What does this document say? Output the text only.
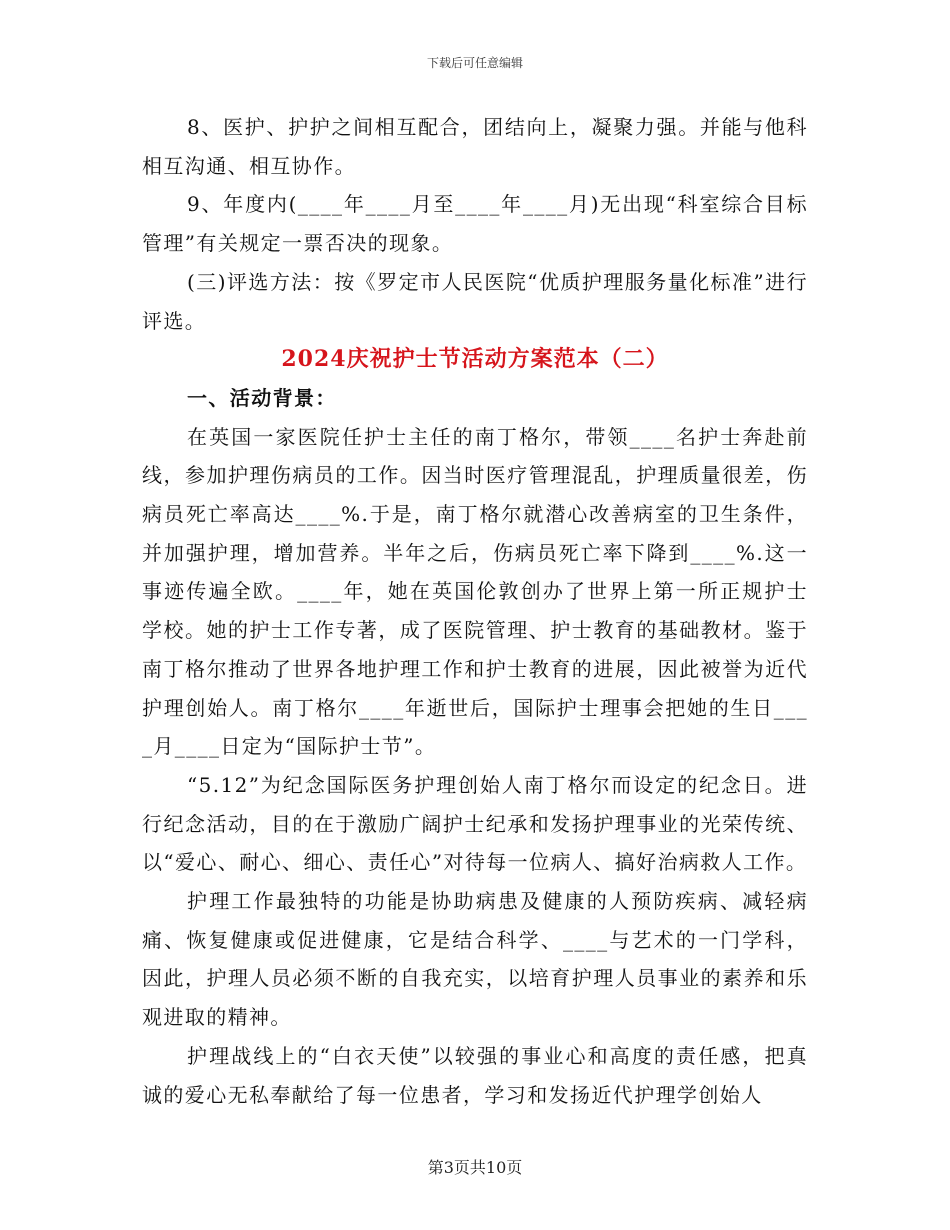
下载后可任意编辑

8、医护、护护之间相互配合，团结向上，凝聚力强。并能与他科相互沟通、相互协作。

9、年度内(____年____月至____年____月)无出现“科室综合目标管理”有关规定一票否决的现象。

(三)评选方法：按《罗定市人民医院“优质护理服务量化标准”进行评选。

2024庆祝护士节活动方案范本（二）

一、活动背景：

在英国一家医院任护士主任的南丁格尔，带领____名护士奔赴前线，参加护理伤病员的工作。因当时医疗管理混乱，护理质量很差，伤病员死亡率高达____%.于是，南丁格尔就潜心改善病室的卫生条件，并加强护理，增加营养。半年之后，伤病员死亡率下降到____%.这一事迹传遍全欧。____年，她在英国伦敦创办了世界上第一所正规护士学校。她的护士工作专著，成了医院管理、护士教育的基础教材。鉴于南丁格尔推动了世界各地护理工作和护士教育的进展，因此被誉为近代护理创始人。南丁格尔____年逝世后，国际护士理事会把她的生日____月____日定为“国际护士节”。

“5.12”为纪念国际医务护理创始人南丁格尔而设定的纪念日。进行纪念活动，目的在于激励广阔护士纪承和发扬护理事业的光荣传统、以“爱心、耐心、细心、责任心”对待每一位病人、搞好治病救人工作。

护理工作最独特的功能是协助病患及健康的人预防疾病、减轻病痛、恢复健康或促进健康，它是结合科学、____与艺术的一门学科，因此，护理人员必须不断的自我充实，以培育护理人员事业的素养和乐观进取的精神。

护理战线上的“白衣天使”以较强的事业心和高度的责任感，把真诚的爱心无私奉献给了每一位患者，学习和发扬近代护理学创始人

第3页共10页
